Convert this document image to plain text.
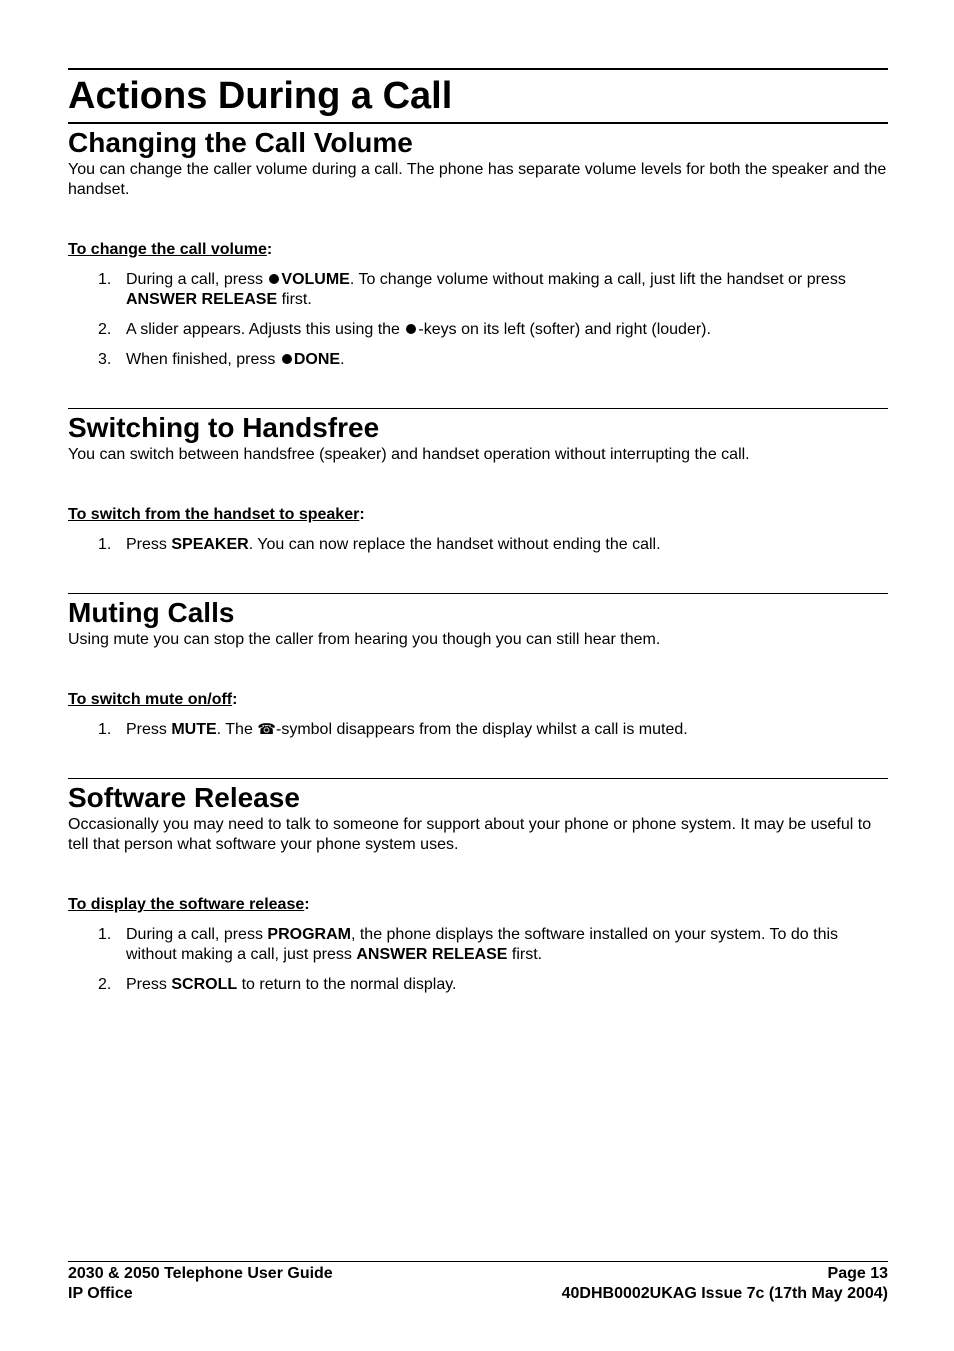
Actions During a Call
Changing the Call Volume

You can change the caller volume during a call. The phone has separate volume levels for both the speaker and the handset.

To change the call volume:
1. During a call, press VOLUME. To change volume without making a call, just lift the handset or press ANSWER RELEASE first.
2. A slider appears. Adjusts this using the -keys on its left (softer) and right (louder).
3. When finished, press DONE.
Switching to Handsfree

You can switch between handsfree (speaker) and handset operation without interrupting the call.

To switch from the handset to speaker:
1. Press SPEAKER. You can now replace the handset without ending the call.
Muting Calls

Using mute you can stop the caller from hearing you though you can still hear them.

To switch mute on/off:
1. Press MUTE. The ☎-symbol disappears from the display whilst a call is muted.
Software Release

Occasionally you may need to talk to someone for support about your phone or phone system. It may be useful to tell that person what software your phone system uses.

To display the software release:
1. During a call, press PROGRAM, the phone displays the software installed on your system. To do this without making a call, just press ANSWER RELEASE first.
2. Press SCROLL to return to the normal display.
2030 & 2050 Telephone User Guide	Page 13
IP Office	40DHB0002UKAG Issue 7c (17th May 2004)
